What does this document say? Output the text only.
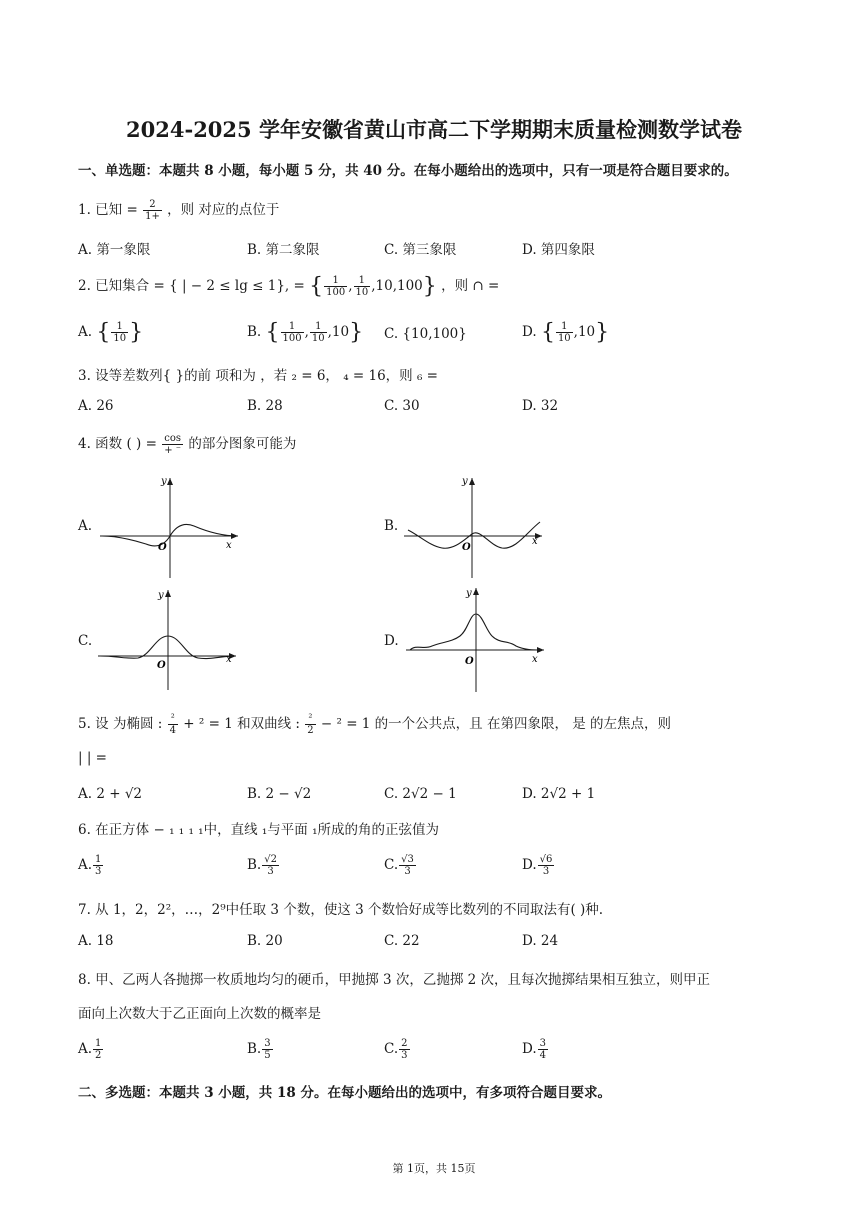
2024-2025 学年安徽省黄山市高二下学期期末质量检测数学试卷
一、单选题：本题共 8 小题，每小题 5 分，共 40 分。在每小题给出的选项中，只有一项是符合题目要求的。
1. 已知 = $\frac{2}{1+}$ ，则 对应的点位于
A. 第一象限	B. 第二象限	C. 第三象限	D. 第四象限
2. 已知集合 = { | − 2 ≤ lg ≤ 1}, = { $\frac{1}{100}$ , $\frac{1}{10} ,10,100$} ，则 ∩ =
A. { $\frac{1}{10}$ }	B. { $\frac{1}{100}$ , $\frac{1}{10} ,10$} C. {10,100}	D. { $\frac{1}{10} ,10$}
3. 设等差数列{ }的前 项和为 ，若 ₂ = 6， ₄ = 16，则 ₆ =
A. 26	B. 28	C. 30	D. 32
4. 函数 ( ) = $\frac{\cos}{+ ^-}$ 的部分图象可能为
A.
y
x
O
B.
y
x
O
C.
y
x
O
D.
y
x
O
5. 设 为椭圆 : $\frac{\text{²}}{4} + ^2 = 1$ 和双曲线 : $\frac{\text{²}}{2} - ^2 = 1$ 的一个公共点，且 在第四象限， 是 的左焦点，则
| | =
A. 2 + √2	B. 2 − √2	C. 2√2 − 1	D. 2√2 + 1
6. 在正方体 − ₁ ₁ ₁ ₁中，直线 ₁与平面 ₁所成的角的正弦值为
A. $\frac{1}{3}$	B. $\frac{√2}{3}$	C. $\frac{√3}{3}$	D. $\frac{√6}{3}$
7. 从 1，2，2²，…，2⁹中任取 3 个数，使这 3 个数恰好成等比数列的不同取法有( )种.
A. 18	B. 20	C. 22	D. 24
8. 甲、乙两人各抛掷一枚质地均匀的硬币，甲抛掷 3 次，乙抛掷 2 次，且每次抛掷结果相互独立，则甲正
面向上次数大于乙正面向上次数的概率是
A. $\frac{1}{2}$	B. $\frac{3}{5}$	C. $\frac{2}{3}$	D. $\frac{3}{4}$
二、多选题：本题共 3 小题，共 18 分。在每小题给出的选项中，有多项符合题目要求。
第 1页，共 15页
